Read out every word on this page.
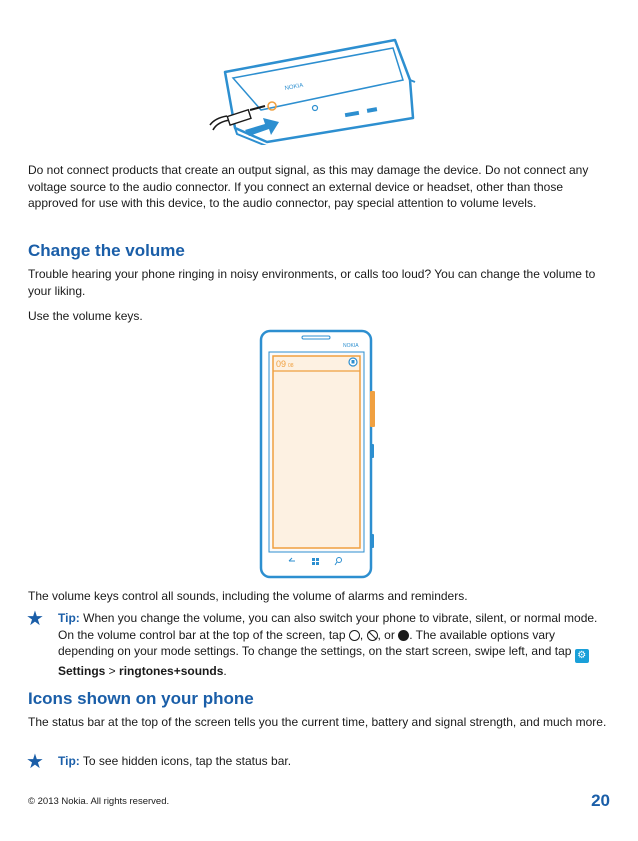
NOKIA

Do not connect products that create an output signal, as this may damage the device. Do not connect any voltage source to the audio connector. If you connect an external device or headset, other than those approved for use with this device, to the audio connector, pay special attention to volume levels.

Change the volume

Trouble hearing your phone ringing in noisy environments, or calls too loud? You can change the volume to your liking.

Use the volume keys.

09 08
NOKIA

The volume keys control all sounds, including the volume of alarms and reminders.

★ Tip: When you change the volume, you can also switch your phone to vibrate, silent, or normal mode. On the volume control bar at the top of the screen, tap , , or . The available options vary depending on your mode settings. To change the settings, on the start screen, swipe left, and tap ⚙ Settings > ringtones+sounds.

Icons shown on your phone

The status bar at the top of the screen tells you the current time, battery and signal strength, and much more.

★ Tip: To see hidden icons, tap the status bar.

© 2013 Nokia. All rights reserved.	20
